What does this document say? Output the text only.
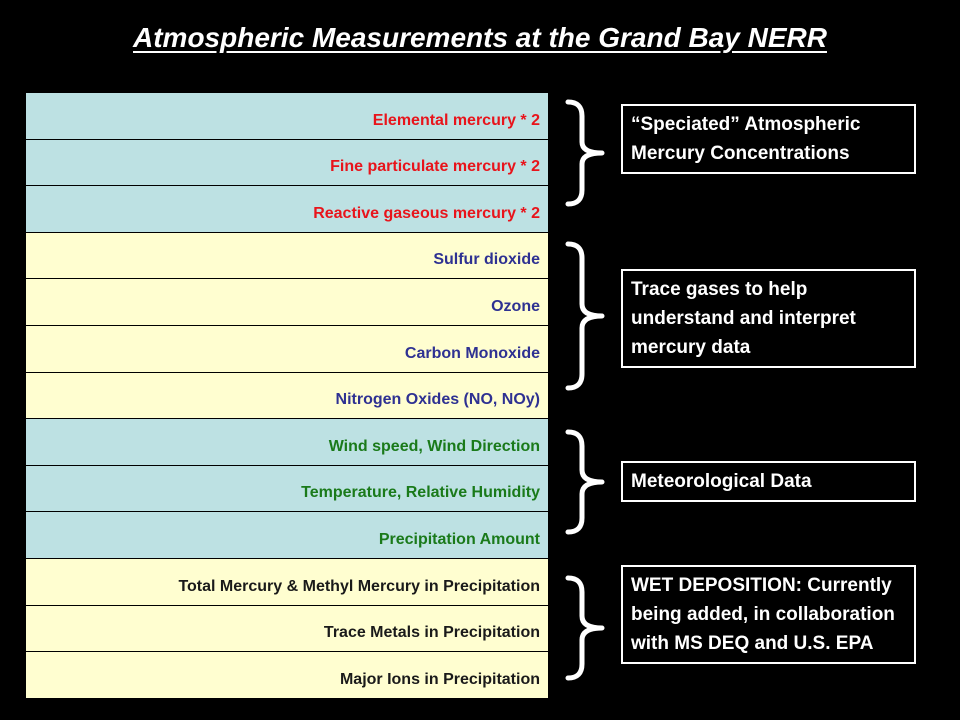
Atmospheric Measurements at the Grand Bay NERR
Elemental mercury * 2
Fine particulate mercury * 2
Reactive gaseous mercury * 2
Sulfur dioxide
Ozone
Carbon Monoxide
Nitrogen Oxides (NO, NOy)
Wind speed, Wind Direction
Temperature, Relative Humidity
Precipitation Amount
Total Mercury & Methyl Mercury in Precipitation
Trace Metals in Precipitation
Major Ions in Precipitation
“Speciated” Atmospheric Mercury Concentrations
Trace gases to help understand and interpret mercury data
Meteorological Data
WET DEPOSITION: Currently being added, in collaboration with MS DEQ and U.S. EPA
